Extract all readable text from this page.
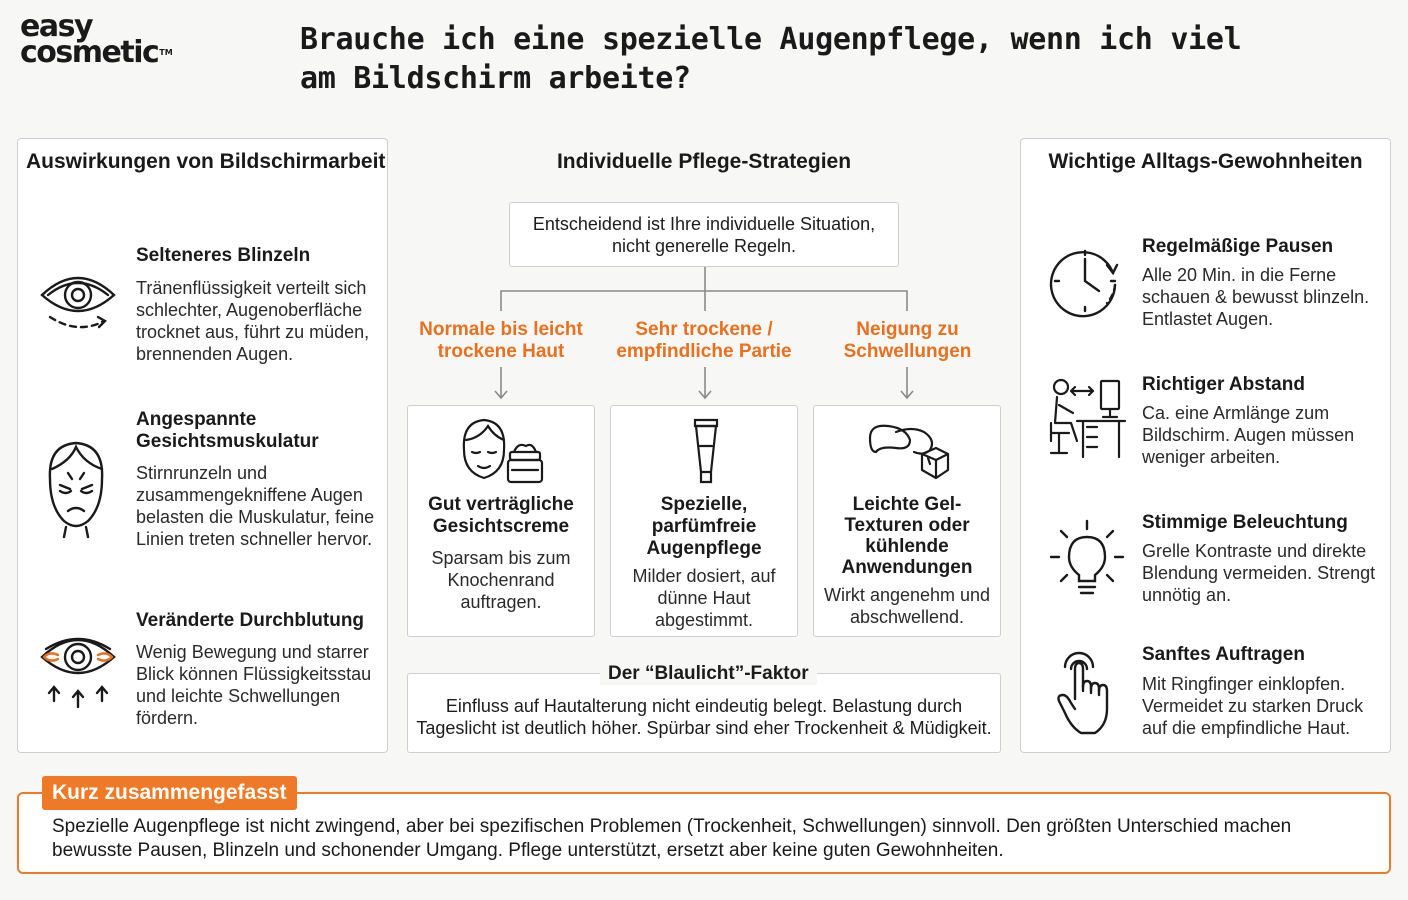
easy
cosmetic™	Brauche ich eine spezielle Augenpflege, wenn ich viel am Bildschirm arbeite?
Auswirkungen von Bildschirmarbeit
Selteneres Blinzeln
Tränenflüssigkeit verteilt sich schlechter, Augenoberfläche trocknet aus, führt zu müden, brennenden Augen.
Angespannte Gesichtsmuskulatur
Stirnrunzeln und zusammengekniffene Augen belasten die Muskulatur, feine Linien treten schneller hervor.
Veränderte Durchblutung
Wenig Bewegung und starrer Blick können Flüssigkeitsstau und leichte Schwellungen fördern.
Individuelle Pflege-Strategien
Entscheidend ist Ihre individuelle Situation, nicht generelle Regeln.
Normale bis leicht trockene Haut
Sehr trockene / empfindliche Partie
Neigung zu Schwellungen
Gut verträgliche Gesichtscreme
Sparsam bis zum Knochenrand auftragen.
Spezielle, parfümfreie Augenpflege
Milder dosiert, auf dünne Haut abgestimmt.
Leichte Gel-Texturen oder kühlende Anwendungen
Wirkt angenehm und abschwellend.
Einfluss auf Hautalterung nicht eindeutig belegt. Belastung durch Tageslicht ist deutlich höher. Spürbar sind eher Trockenheit & Müdigkeit.
Der “Blaulicht”-Faktor
Wichtige Alltags-Gewohnheiten
Regelmäßige Pausen
Alle 20 Min. in die Ferne schauen & bewusst blinzeln. Entlastet Augen.
Richtiger Abstand
Ca. eine Armlänge zum Bildschirm. Augen müssen weniger arbeiten.
Stimmige Beleuchtung
Grelle Kontraste und direkte Blendung vermeiden. Strengt unnötig an.
Sanftes Auftragen
Mit Ringfinger einklopfen. Vermeidet zu starken Druck auf die empfindliche Haut.
Kurz zusammengefasst
Spezielle Augenpflege ist nicht zwingend, aber bei spezifischen Problemen (Trockenheit, Schwellungen) sinnvoll. Den größten Unterschied machen bewusste Pausen, Blinzeln und schonender Umgang. Pflege unterstützt, ersetzt aber keine guten Gewohnheiten.
